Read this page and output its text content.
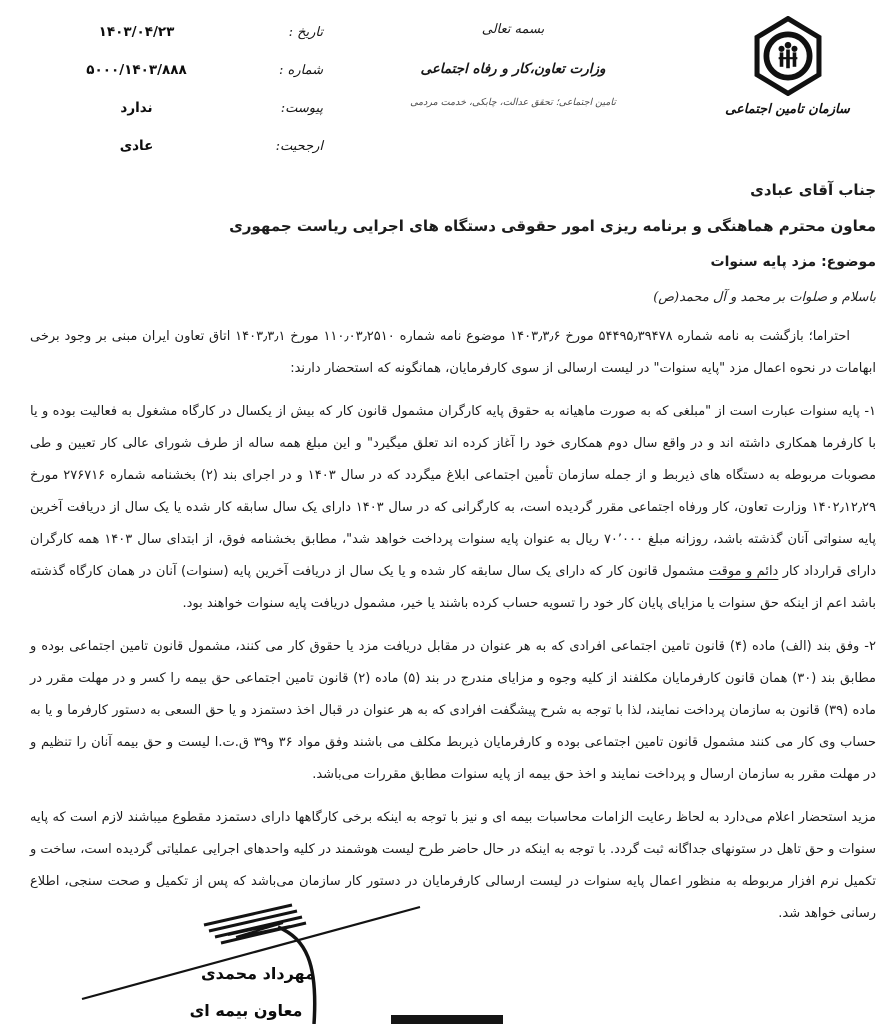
سازمان تامین اجتماعی
بسمه تعالی
وزارت تعاون،کار و رفاه اجتماعی
تامین اجتماعی؛ تحقق عدالت، چابکی، خدمت مردمی
تاریخ :
۱۴۰۳/۰۴/۲۳
شماره :
۵۰۰۰/۱۴۰۳/۸۸۸
پیوست:
ندارد
ارجحیت:
عادی
جناب آقای عبادی
معاون محترم هماهنگی و برنامه ریزی امور حقوقی دستگاه های اجرایی ریاست جمهوری
موضوع: مزد پایه سنوات
باسلام و صلوات بر محمد و آل محمد(ص)

احتراما؛ بازگشت به نامه شماره ۵۴۴۹۵٫۳۹۴۷۸ مورخ ۱۴۰۳٫۳٫۶ موضوع نامه شماره ۱۱۰٫۰۳٫۲۵۱۰ مورخ ۱۴۰۳٫۳٫۱ اتاق تعاون ایران مبنی بر وجود برخی ابهامات در نحوه اعمال مزد "پایه سنوات" در لیست ارسالی از سوی کارفرمایان، همانگونه که استحضار دارند:

۱- پایه سنوات عبارت است از "مبلغی که به صورت ماهیانه به حقوق پایه کارگران مشمول قانون کار که بیش از یکسال در کارگاه مشغول به فعالیت بوده و یا با کارفرما همکاری داشته اند و در واقع سال دوم همکاری خود را آغاز کرده اند تعلق میگیرد" و این مبلغ همه ساله از طرف شورای عالی کار تعیین و طی مصوبات مربوطه به دستگاه های ذیربط و از جمله سازمان تأمین اجتماعی ابلاغ میگردد که در سال ۱۴۰۳ و در اجرای بند (۲) بخشنامه شماره ۲۷۶۷۱۶ مورخ ۱۴۰۲٫۱۲٫۲۹ وزارت تعاون، کار ورفاه اجتماعی مقرر گردیده است، به کارگرانی که در سال ۱۴۰۳ دارای یک سال سابقه کار شده یا یک سال از دریافت آخرین پایه سنواتی آنان گذشته باشد، روزانه مبلغ ۷۰٬۰۰۰ ریال به عنوان پایه سنوات پرداخت خواهد شد"، مطابق بخشنامه فوق، از ابتدای سال ۱۴۰۳ همه کارگران دارای قرارداد کار دائم و موقت مشمول قانون کار که دارای یک سال سابقه کار شده و یا یک سال از دریافت آخرین پایه (سنوات) آنان در همان کارگاه گذشته باشد اعم از اینکه حق سنوات یا مزایای پایان کار خود را تسویه حساب کرده باشند یا خیر، مشمول دریافت پایه سنوات خواهند بود.

۲- وفق بند (الف) ماده (۴) قانون تامین اجتماعی افرادی که به هر عنوان در مقابل دریافت مزد یا حقوق کار می کنند، مشمول قانون تامین اجتماعی بوده و مطابق بند (۳۰) همان قانون کارفرمایان مکلفند از کلیه وجوه و مزایای مندرج در بند (۵) ماده (۲) قانون تامین اجتماعی حق بیمه را کسر و در مهلت مقرر در ماده (۳۹) قانون به سازمان پرداخت نمایند، لذا با توجه به شرح پیشگفت افرادی که به هر عنوان در قبال اخذ دستمزد و یا حق السعی به دستور کارفرما و یا به حساب وی کار می کنند مشمول قانون تامین اجتماعی بوده و کارفرمایان ذیربط مکلف می باشند وفق مواد ۳۶ و۳۹ ق.ت.ا لیست و حق بیمه آنان را تنظیم و در مهلت مقرر به سازمان ارسال و پرداخت نمایند و اخذ حق بیمه از پایه سنوات مطابق مقررات می‌باشد.

مزید استحضار اعلام می‌دارد به لحاظ رعایت الزامات محاسبات بیمه ای و نیز با توجه به اینکه برخی کارگاهها دارای دستمزد مقطوع میباشند لازم است که پایه سنوات و حق تاهل در ستونهای جداگانه ثبت گردد. با توجه به اینکه در حال حاضر طرح لیست هوشمند در کلیه واحدهای اجرایی عملیاتی گردیده است، ساخت و تکمیل نرم افزار مربوطه به منظور اعمال پایه سنوات در لیست ارسالی کارفرمایان در دستور کار سازمان می‌باشد که پس از تکمیل و صحت سنجی، اطلاع رسانی خواهد شد.

مهرداد محمدی
معاون بیمه ای
